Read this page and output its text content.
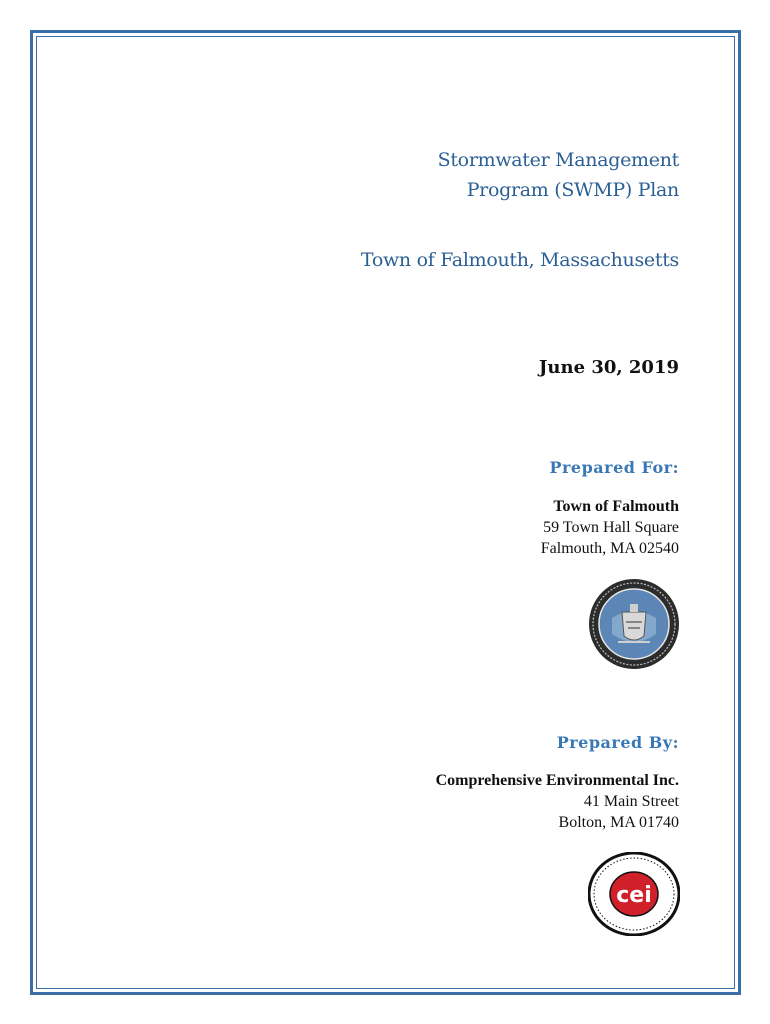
Stormwater Management
Program (SWMP) Plan
Town of Falmouth, Massachusetts
June 30, 2019
Prepared For:
Town of Falmouth
59 Town Hall Square
Falmouth, MA 02540
Prepared By:
Comprehensive Environmental Inc.
41 Main Street
Bolton, MA 01740
cei
